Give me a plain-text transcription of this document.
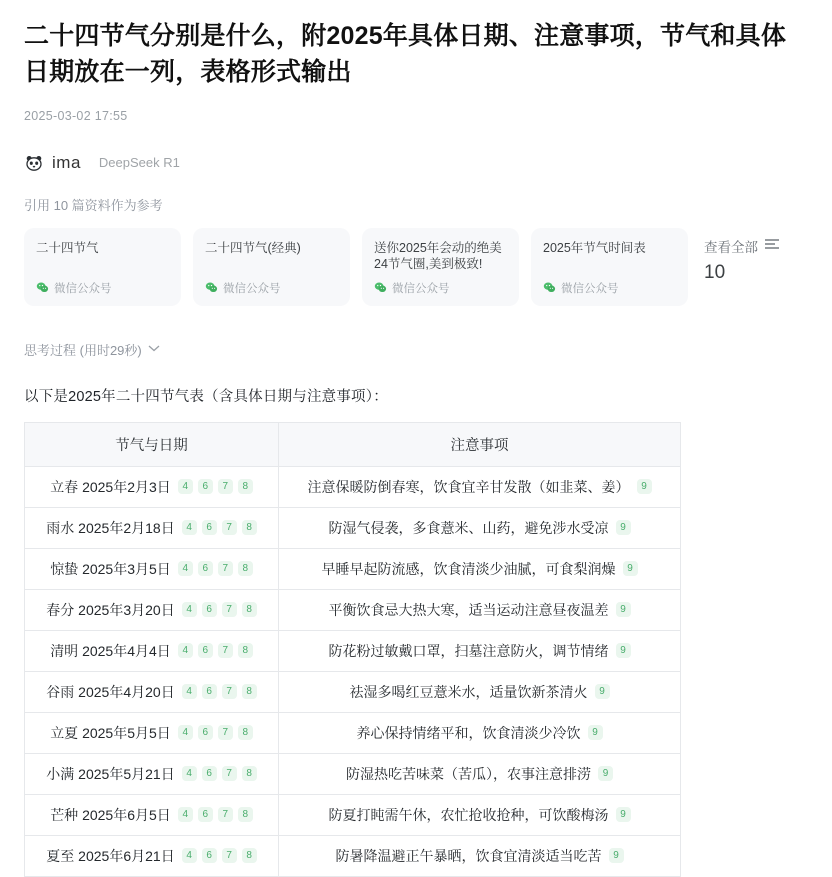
二十四节气分别是什么，附2025年具体日期、注意事项，节气和具体日期放在一列，表格形式输出
2025-03-02 17:55
ima DeepSeek R1
引用 10 篇资料作为参考
二十四节气
微信公众号
二十四节气(经典)
微信公众号
送你2025年会动的绝美24节气圈,美到极致!
微信公众号
2025年节气时间表
微信公众号
查看全部
10
思考过程 (用时29秒)
以下是2025年二十四节气表（含具体日期与注意事项）：
节气与日期	注意事项

立春 2025年2月3日 4 6 7 8	注意保暖防倒春寒，饮食宜辛甘发散（如韭菜、姜） 9

雨水 2025年2月18日 4 6 7 8	防湿气侵袭，多食薏米、山药，避免涉水受凉 9

惊蛰 2025年3月5日 4 6 7 8	早睡早起防流感，饮食清淡少油腻，可食梨润燥 9

春分 2025年3月20日 4 6 7 8	平衡饮食忌大热大寒，适当运动注意昼夜温差 9

清明 2025年4月4日 4 6 7 8	防花粉过敏戴口罩，扫墓注意防火，调节情绪 9

谷雨 2025年4月20日 4 6 7 8	祛湿多喝红豆薏米水，适量饮新茶清火 9

立夏 2025年5月5日 4 6 7 8	养心保持情绪平和，饮食清淡少冷饮 9

小满 2025年5月21日 4 6 7 8	防湿热吃苦味菜（苦瓜），农事注意排涝 9

芒种 2025年6月5日 4 6 7 8	防夏打盹需午休，农忙抢收抢种，可饮酸梅汤 9

夏至 2025年6月21日 4 6 7 8	防暑降温避正午暴晒，饮食宜清淡适当吃苦 9
